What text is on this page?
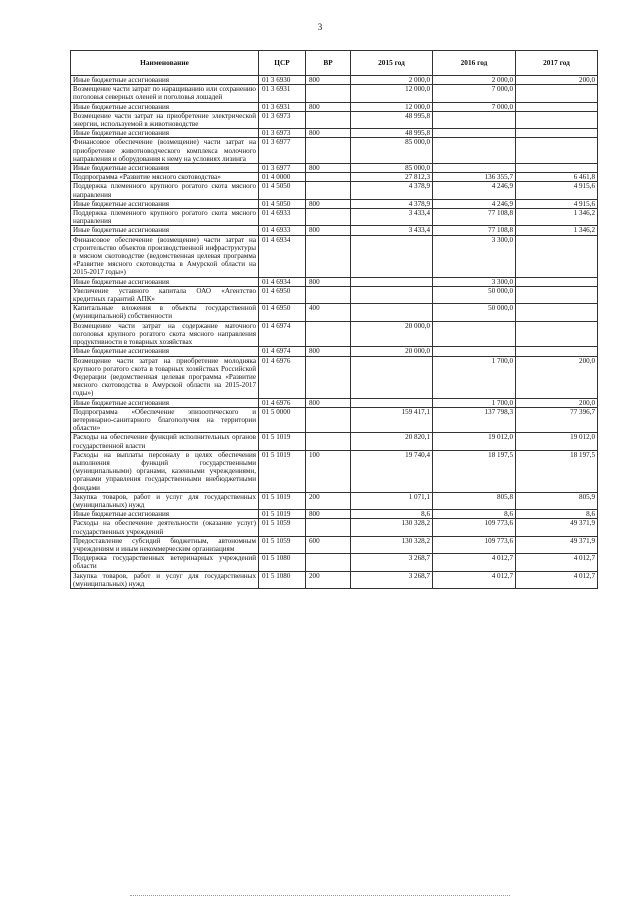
3
Наименование	ЦСР	ВР	2015 год	2016 год	2017 год
Иные бюджетные ассигнования	01 3 6930	800	2 000,0	2 000,0	200,0
Возмещение части затрат по наращиванию или сохранению поголовья северных оленей и поголовья лошадей	01 3 6931		12 000,0	7 000,0	
Иные бюджетные ассигнования	01 3 6931	800	12 000,0	7 000,0	
Возмещение части затрат на приобретение электрической энергии, используемой в животноводстве	01 3 6973		48 995,8		
Иные бюджетные ассигнования	01 3 6973	800	48 995,8		
Финансовое обеспечение (возмещение) части затрат на приобретение животноводческого комплекса молочного направления и оборудования к нему на условиях лизинга	01 3 6977		85 000,0		
Иные бюджетные ассигнования	01 3 6977	800	85 000,0		
Подпрограмма «Развитие мясного скотоводства»	01 4 0000		27 812,3	136 355,7	6 461,8
Поддержка племенного крупного рогатого скота мясного направления	01 4 5050		4 378,9	4 246,9	4 915,6
Иные бюджетные ассигнования	01 4 5050	800	4 378,9	4 246,9	4 915,6
Поддержка племенного крупного рогатого скота мясного направления	01 4 6933		3 433,4	77 108,8	1 346,2
Иные бюджетные ассигнования	01 4 6933	800	3 433,4	77 108,8	1 346,2
Финансовое обеспечение (возмещение) части затрат на строительство объектов производственной инфраструктуры в мясном скотоводстве (ведомственная целевая программа «Развитие мясного скотоводства в Амурской области на 2015-2017 годы»)	01 4 6934			3 300,0	
Иные бюджетные ассигнования	01 4 6934	800		3 300,0	
Увеличение уставного капитала ОАО «Агентство кредитных гарантий АПК»	01 4 6950			50 000,0	
Капитальные вложения в объекты государственной (муниципальной) собственности	01 4 6950	400		50 000,0	
Возмещение части затрат на содержание маточного поголовья крупного рогатого скота мясного направления продуктивности в товарных хозяйствах	01 4 6974		20 000,0		
Иные бюджетные ассигнования	01 4 6974	800	20 000,0		
Возмещение части затрат на приобретение молодняка крупного рогатого скота в товарных хозяйствах Российской Федерации (ведомственная целевая программа «Развитие мясного скотоводства в Амурской области на 2015-2017 годы»)	01 4 6976			1 700,0	200,0
Иные бюджетные ассигнования	01 4 6976	800		1 700,0	200,0
Подпрограмма «Обеспечение эпизоотического и ветеринарно-санитарного благополучия на территории области»	01 5 0000		159 417,1	137 798,3	77 396,7
Расходы на обеспечение функций исполнительных органов государственной власти	01 5 1019		20 820,1	19 012,0	19 012,0
Расходы на выплаты персоналу в целях обеспечения выполнения функций государственными (муниципальными) органами, казенными учреждениями, органами управления государственными внебюджетными фондами	01 5 1019	100	19 740,4	18 197,5	18 197,5
Закупка товаров, работ и услуг для государственных (муниципальных) нужд	01 5 1019	200	1 071,1	805,8	805,9
Иные бюджетные ассигнования	01 5 1019	800	8,6	8,6	8,6
Расходы на обеспечение деятельности (оказание услуг) государственных учреждений	01 5 1059		130 328,2	109 773,6	49 371,9
Предоставление субсидий бюджетным, автономным учреждениям и иным некоммерческим организациям	01 5 1059	600	130 328,2	109 773,6	49 371,9
Поддержка государственных ветеринарных учреждений области	01 5 1080		3 268,7	4 012,7	4 012,7
Закупка товаров, работ и услуг для государственных (муниципальных) нужд	01 5 1080	200	3 268,7	4 012,7	4 012,7
